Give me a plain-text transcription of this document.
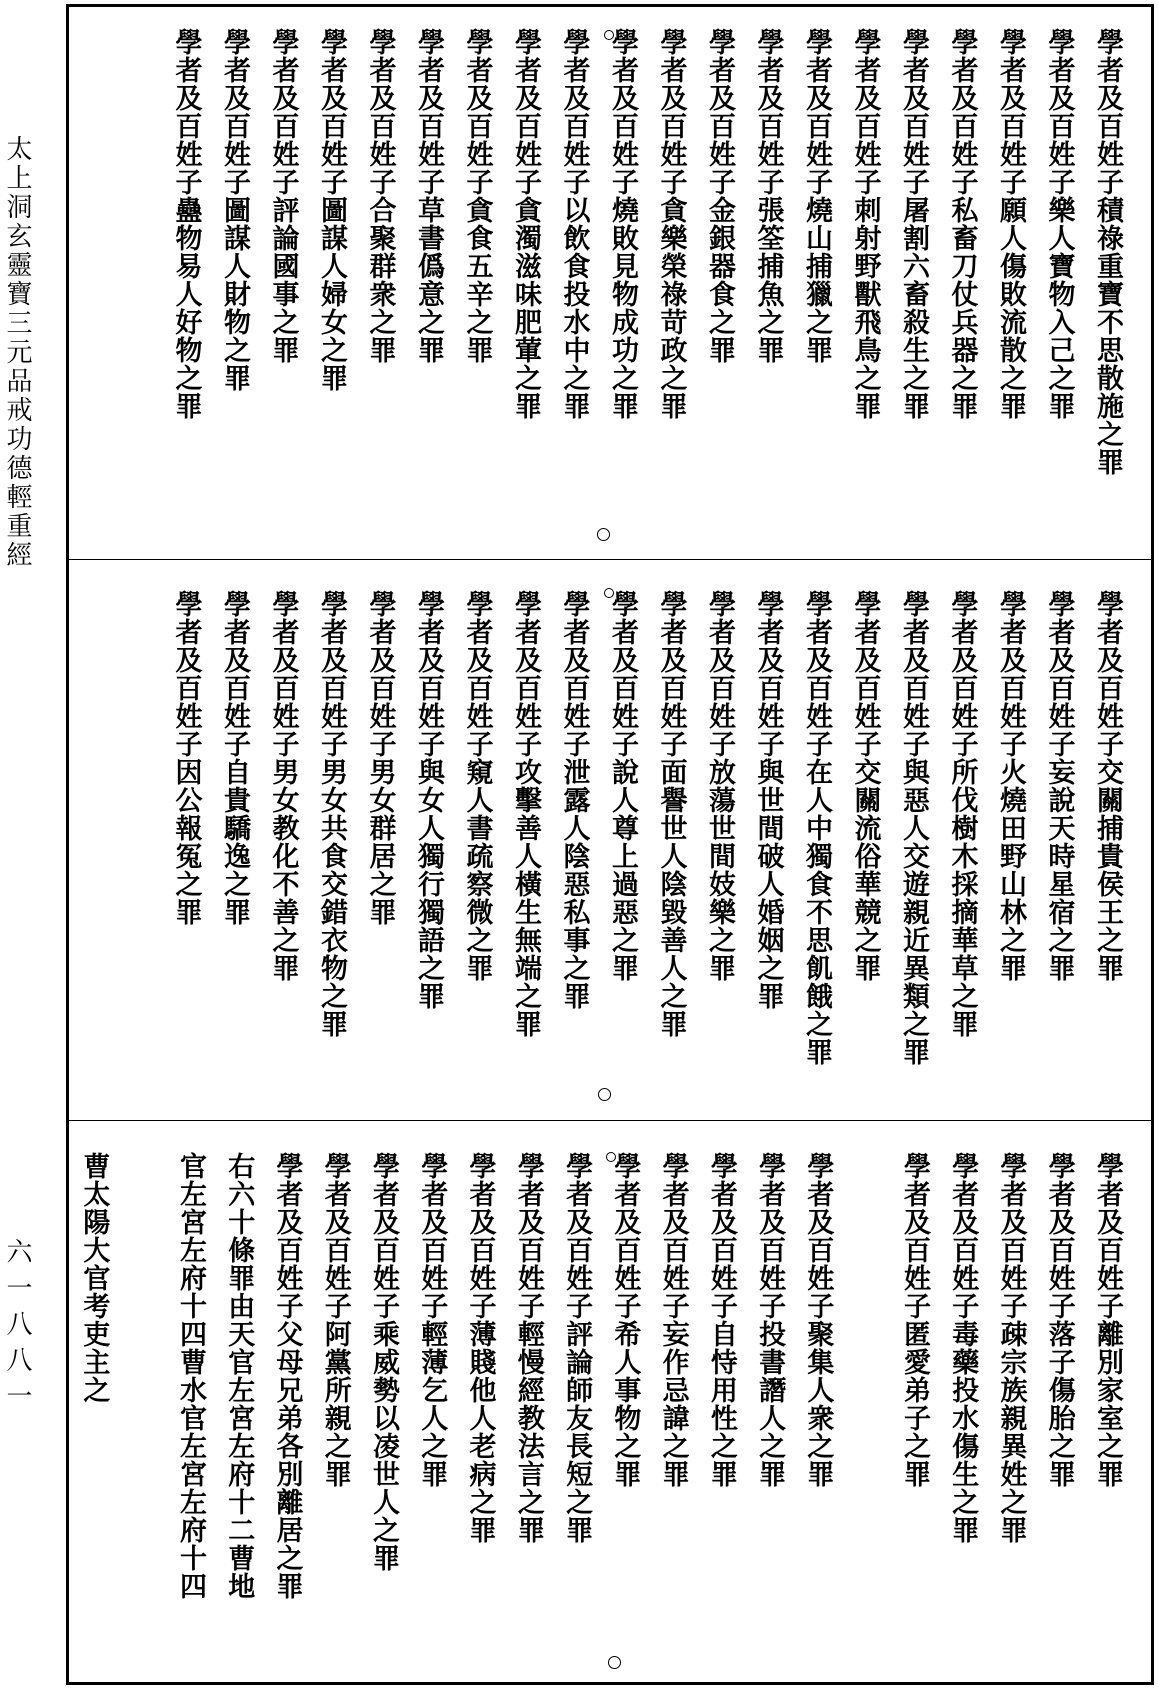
太上洞玄靈寶三元品戒功德輕重經
六一八八一
學者及百姓子積祿重寶不思散施之罪
學者及百姓子樂人寶物入己之罪
學者及百姓子願人傷敗流散之罪
學者及百姓子私畜刀仗兵器之罪
學者及百姓子屠割六畜殺生之罪
學者及百姓子刺射野獸飛鳥之罪
學者及百姓子燒山捕獵之罪
學者及百姓子張筌捕魚之罪
學者及百姓子金銀器食之罪
學者及百姓子貪樂榮祿苛政之罪
學者及百姓子燒敗見物成功之罪
學者及百姓子以飲食投水中之罪
學者及百姓子貪濁滋味肥葷之罪
學者及百姓子貪食五辛之罪
學者及百姓子草書僞意之罪
學者及百姓子合聚群衆之罪
學者及百姓子圖謀人婦女之罪
學者及百姓子評論國事之罪
學者及百姓子圖謀人財物之罪
學者及百姓子蠱物易人好物之罪
學者及百姓子交關捕貴侯王之罪
學者及百姓子妄說天時星宿之罪
學者及百姓子火燒田野山林之罪
學者及百姓子所伐樹木採摘華草之罪
學者及百姓子與惡人交遊親近異類之罪
學者及百姓子交關流俗華競之罪
學者及百姓子在人中獨食不思飢餓之罪
學者及百姓子與世間破人婚姻之罪
學者及百姓子放蕩世間妓樂之罪
學者及百姓子面譽世人陰毀善人之罪
學者及百姓子說人尊上過惡之罪
學者及百姓子泄露人陰惡私事之罪
學者及百姓子攻擊善人橫生無端之罪
學者及百姓子窺人書疏察微之罪
學者及百姓子與女人獨行獨語之罪
學者及百姓子男女群居之罪
學者及百姓子男女共食交錯衣物之罪
學者及百姓子男女教化不善之罪
學者及百姓子自貴驕逸之罪
學者及百姓子因公報冤之罪
學者及百姓子離別家室之罪
學者及百姓子落子傷胎之罪
學者及百姓子疎宗族親異姓之罪
學者及百姓子毒藥投水傷生之罪
學者及百姓子匿愛弟子之罪
學者及百姓子聚集人衆之罪
學者及百姓子投書譖人之罪
學者及百姓子自恃用性之罪
學者及百姓子妄作忌諱之罪
學者及百姓子希人事物之罪
學者及百姓子評論師友長短之罪
學者及百姓子輕慢經教法言之罪
學者及百姓子薄賤他人老病之罪
學者及百姓子輕薄乞人之罪
學者及百姓子乘威勢以凌世人之罪
學者及百姓子阿黨所親之罪
學者及百姓子父母兄弟各別離居之罪
右六十條罪由天官左宮左府十二曹地
官左宮左府十四曹水官左宮左府十四
曹太陽大官考吏主之
